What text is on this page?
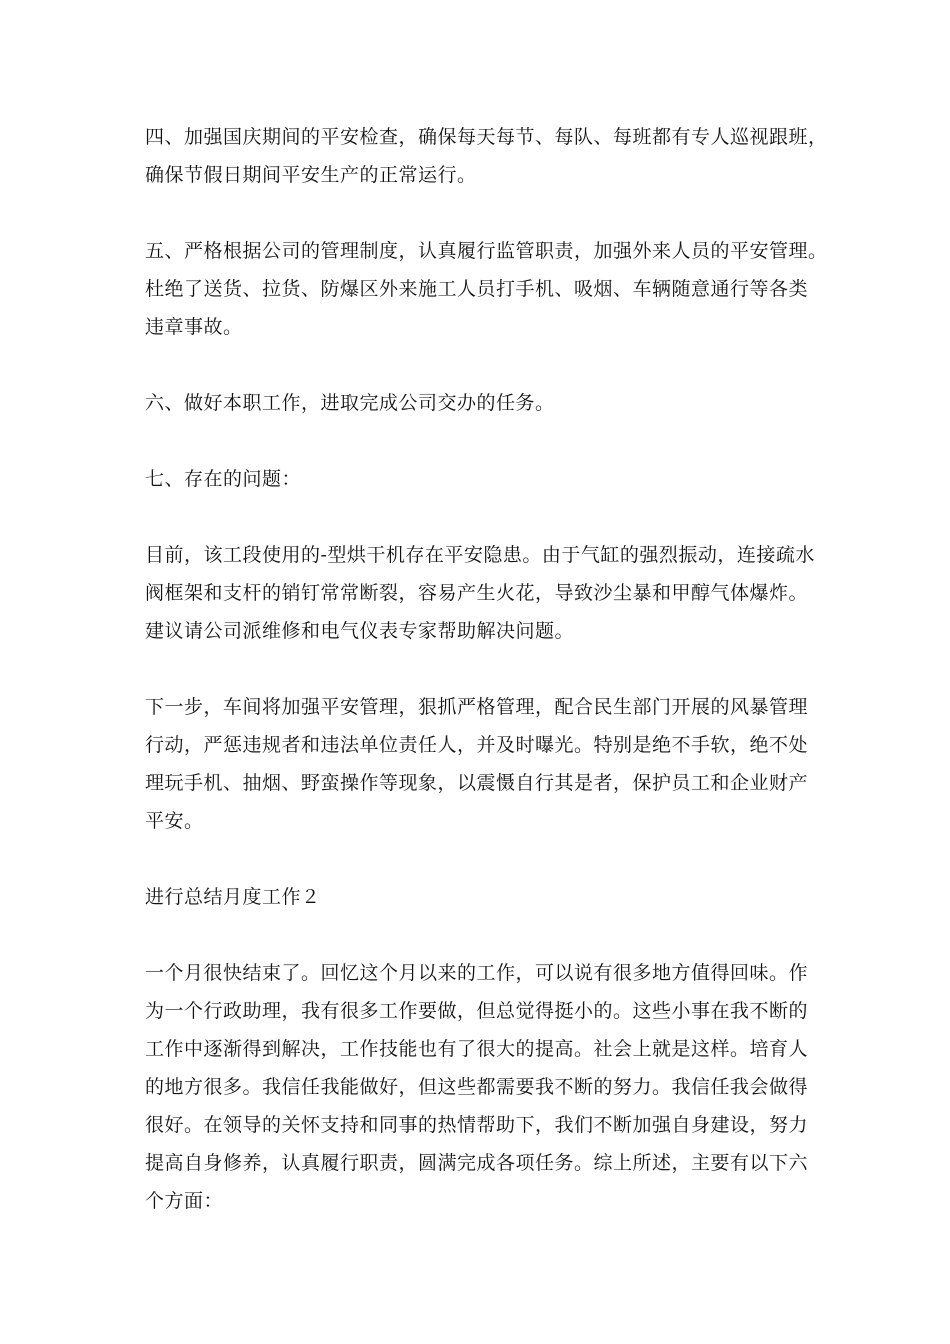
四、加强国庆期间的平安检查，确保每天每节、每队、每班都有专人巡视跟班，
确保节假日期间平安生产的正常运行。

五、严格根据公司的管理制度，认真履行监管职责，加强外来人员的平安管理。
杜绝了送货、拉货、防爆区外来施工人员打手机、吸烟、车辆随意通行等各类
违章事故。

六、做好本职工作，进取完成公司交办的任务。

七、存在的问题：

目前，该工段使用的-型烘干机存在平安隐患。由于气缸的强烈振动，连接疏水
阀框架和支杆的销钉常常断裂，容易产生火花，导致沙尘暴和甲醇气体爆炸。
建议请公司派维修和电气仪表专家帮助解决问题。

下一步，车间将加强平安管理，狠抓严格管理，配合民生部门开展的风暴管理
行动，严惩违规者和违法单位责任人，并及时曝光。特别是绝不手软，绝不处
理玩手机、抽烟、野蛮操作等现象，以震慑自行其是者，保护员工和企业财产
平安。

进行总结月度工作２

一个月很快结束了。回忆这个月以来的工作，可以说有很多地方值得回味。作
为一个行政助理，我有很多工作要做，但总觉得挺小的。这些小事在我不断的
工作中逐渐得到解决，工作技能也有了很大的提高。社会上就是这样。培育人
的地方很多。我信任我能做好，但这些都需要我不断的努力。我信任我会做得
很好。在领导的关怀支持和同事的热情帮助下，我们不断加强自身建设，努力
提高自身修养，认真履行职责，圆满完成各项任务。综上所述，主要有以下六
个方面：
